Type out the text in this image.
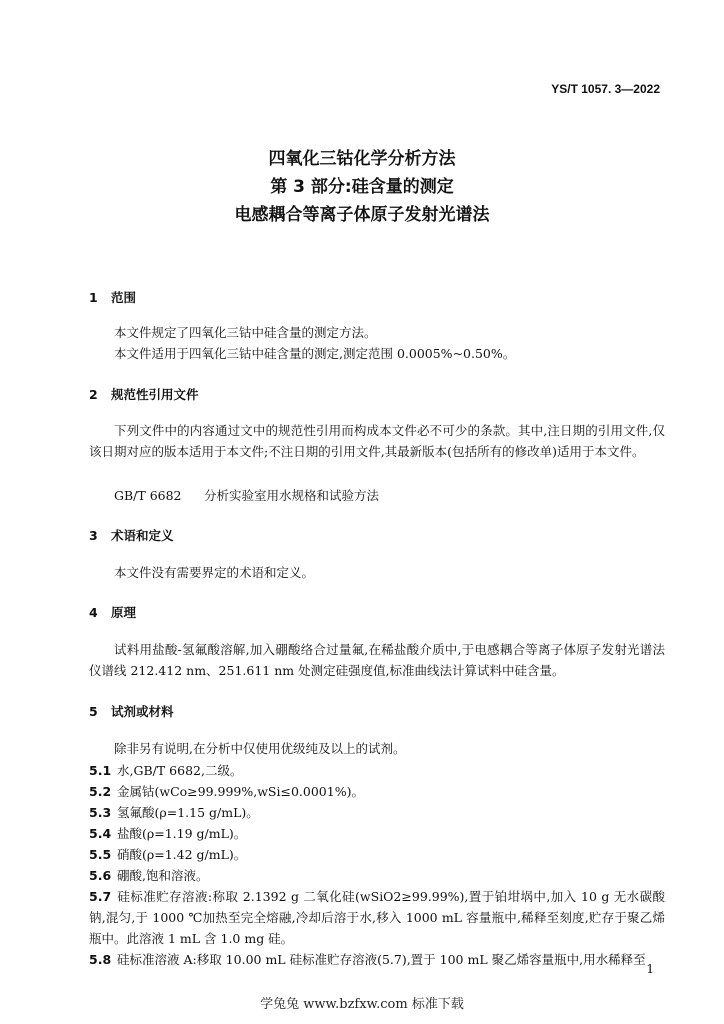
YS/T 1057. 3—2022
四氧化三钴化学分析方法
第 3 部分:硅含量的测定
电感耦合等离子体原子发射光谱法
1 范围
本文件规定了四氧化三钴中硅含量的测定方法。
本文件适用于四氧化三钴中硅含量的测定,测定范围 0.0005%~0.50%。
2 规范性引用文件
下列文件中的内容通过文中的规范性引用而构成本文件必不可少的条款。其中,注日期的引用文件,仅该日期对应的版本适用于本文件;不注日期的引用文件,其最新版本(包括所有的修改单)适用于本文件。
GB/T 6682 分析实验室用水规格和试验方法
3 术语和定义
本文件没有需要界定的术语和定义。
4 原理
试料用盐酸-氢氟酸溶解,加入硼酸络合过量氟,在稀盐酸介质中,于电感耦合等离子体原子发射光谱法仪谱线 212.412 nm、251.611 nm 处测定硅强度值,标准曲线法计算试料中硅含量。
5 试剂或材料
除非另有说明,在分析中仅使用优级纯及以上的试剂。
5.1 水,GB/T 6682,二级。
5.2 金属钴(wCo≥99.999%,wSi≤0.0001%)。
5.3 氢氟酸(ρ=1.15 g/mL)。
5.4 盐酸(ρ=1.19 g/mL)。
5.5 硝酸(ρ=1.42 g/mL)。
5.6 硼酸,饱和溶液。
5.7 硅标准贮存溶液:称取 2.1392 g 二氧化硅(wSiO2≥99.99%),置于铂坩埚中,加入 10 g 无水碳酸钠,混匀,于 1000 ℃加热至完全熔融,冷却后溶于水,移入 1000 mL 容量瓶中,稀释至刻度,贮存于聚乙烯瓶中。此溶液 1 mL 含 1.0 mg 硅。
5.8 硅标准溶液 A:移取 10.00 mL 硅标准贮存溶液(5.7),置于 100 mL 聚乙烯容量瓶中,用水稀释至
1
学兔兔 www.bzfxw.com 标准下载
